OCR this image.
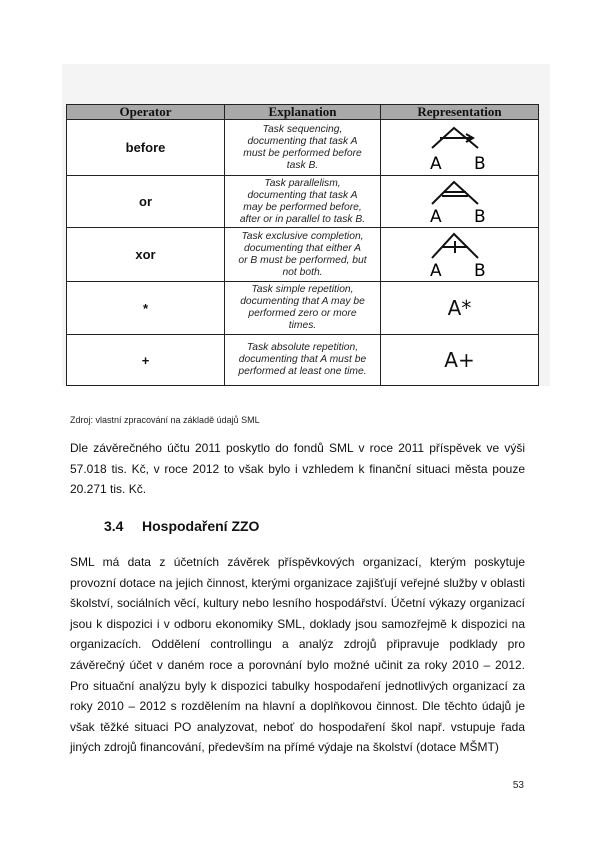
Operator	Explanation	Representation
before	Task sequencing,
documenting that task A
must be performed before
task B.	A B

or	Task parallelism,
documenting that task A
may be performed before,
after or in parallel to task B.	A B

xor	Task exclusive completion,
documenting that either A
or B must be performed, but
not both.	A B

*	Task simple repetition,
documenting that A may be
performed zero or more
times.	A*
+	Task absolute repetition,
documenting that A must be
performed at least one time.	A+
Zdroj: vlastní zpracování na základě údajů SML
Dle závěrečného účtu 2011 poskytlo do fondů SML v roce 2011 příspěvek ve výši 57.018 tis. Kč, v roce 2012 to však bylo i vzhledem k finanční situaci města pouze 20.271 tis. Kč.
3.4 Hospodaření ZZO
SML má data z účetních závěrek příspěvkových organizací, kterým poskytuje provozní dotace na jejich činnost, kterými organizace zajišťují veřejné služby v oblasti školství, sociálních věcí, kultury nebo lesního hospodářství. Účetní výkazy organizací jsou k dispozici i v odboru ekonomiky SML, doklady jsou samozřejmě k dispozici na organizacích. Oddělení controllingu a analýz zdrojů připravuje podklady pro závěrečný účet v daném roce a porovnání bylo možné učinit za roky 2010 – 2012. Pro situační analýzu byly k dispozici tabulky hospodaření jednotlivých organizací za roky 2010 – 2012 s rozdělením na hlavní a doplňkovou činnost. Dle těchto údajů je však těžké situaci PO analyzovat, neboť do hospodaření škol např. vstupuje řada jiných zdrojů financování, především na přímé výdaje na školství (dotace MŠMT)
53
